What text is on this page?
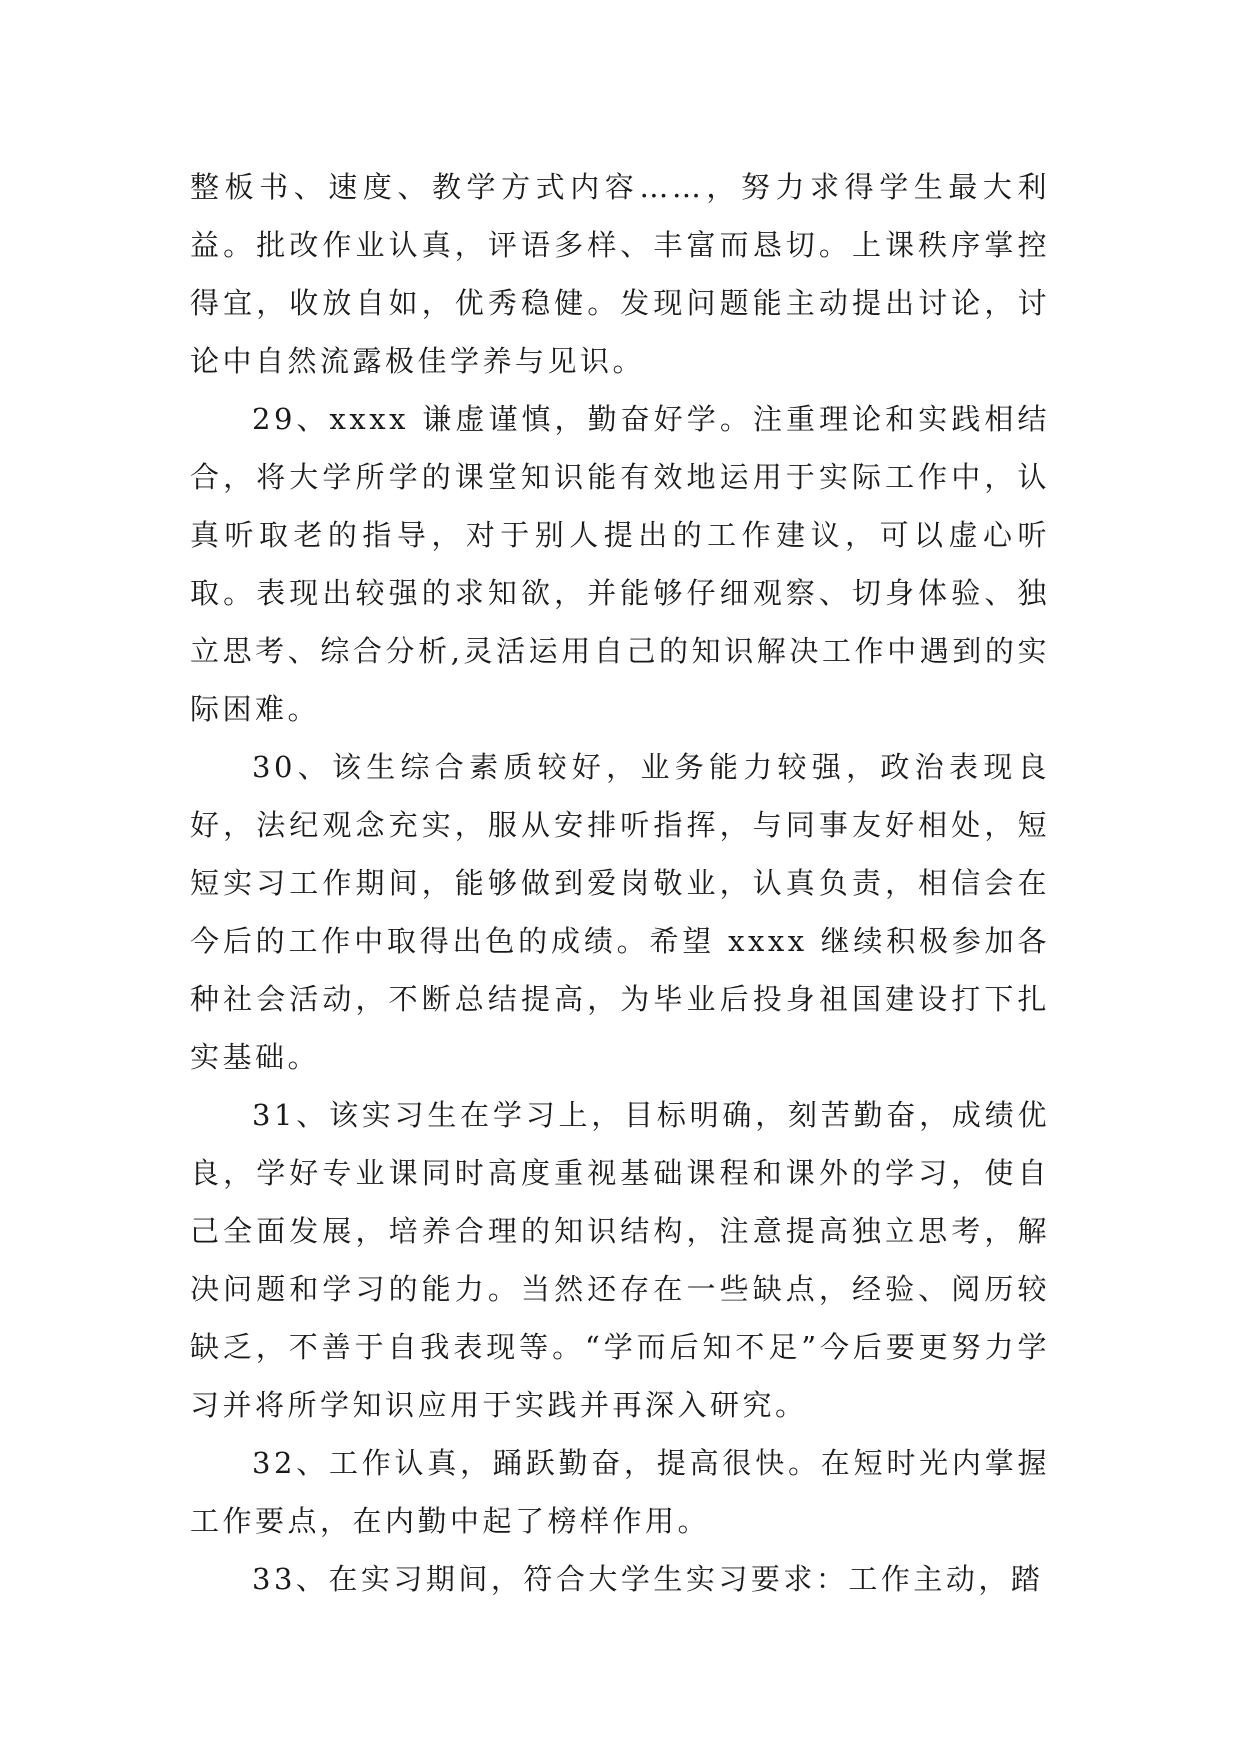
整板书、速度、教学方式内容……，努力求得学生最大利益。批改作业认真，评语多样、丰富而恳切。上课秩序掌控得宜，收放自如，优秀稳健。发现问题能主动提出讨论，讨论中自然流露极佳学养与见识。

29、xxxx 谦虚谨慎，勤奋好学。注重理论和实践相结合，将大学所学的课堂知识能有效地运用于实际工作中，认真听取老的指导，对于别人提出的工作建议，可以虚心听取。表现出较强的求知欲，并能够仔细观察、切身体验、独立思考、综合分析,灵活运用自己的知识解决工作中遇到的实际困难。

30、该生综合素质较好，业务能力较强，政治表现良好，法纪观念充实，服从安排听指挥，与同事友好相处，短短实习工作期间，能够做到爱岗敬业，认真负责，相信会在今后的工作中取得出色的成绩。希望 xxxx 继续积极参加各种社会活动，不断总结提高，为毕业后投身祖国建设打下扎实基础。

31、该实习生在学习上，目标明确，刻苦勤奋，成绩优良，学好专业课同时高度重视基础课程和课外的学习，使自己全面发展，培养合理的知识结构，注意提高独立思考，解决问题和学习的能力。当然还存在一些缺点，经验、阅历较缺乏，不善于自我表现等。“学而后知不足”今后要更努力学习并将所学知识应用于实践并再深入研究。

32、工作认真，踊跃勤奋，提高很快。在短时光内掌握工作要点，在内勤中起了榜样作用。

33、在实习期间，符合大学生实习要求：工作主动，踏
